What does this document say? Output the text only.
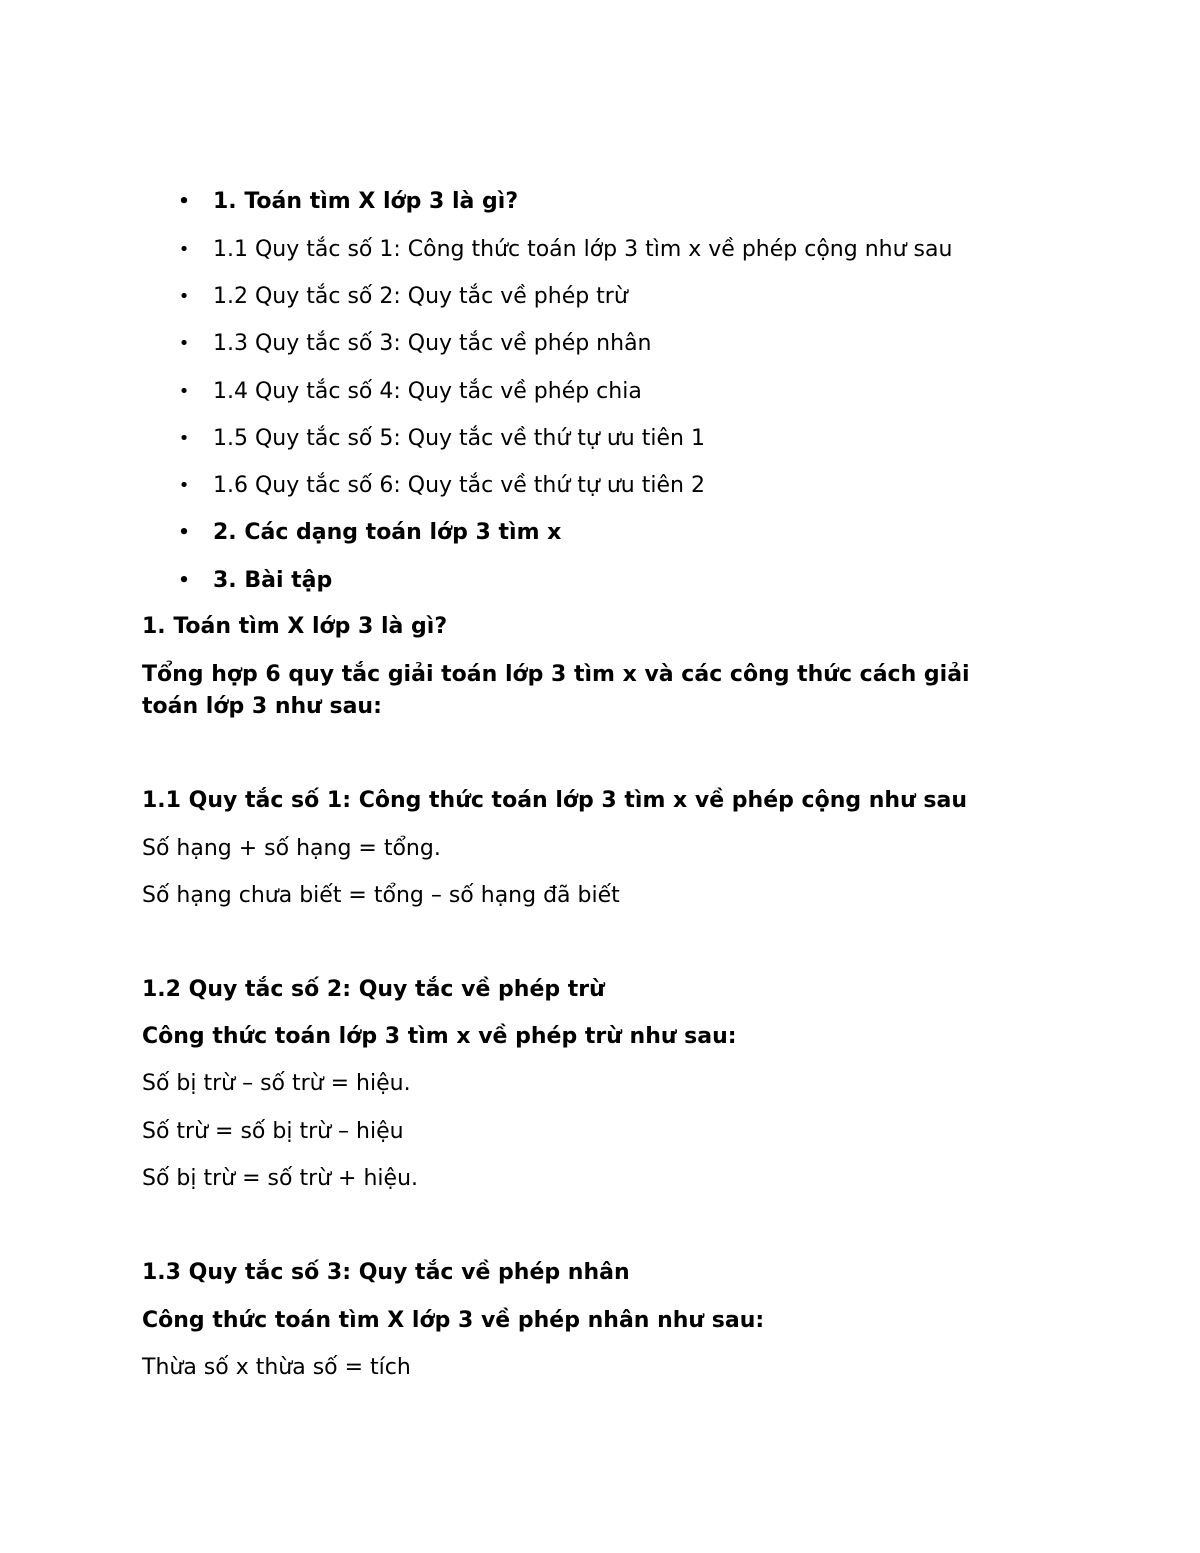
• 1. Toán tìm X lớp 3 là gì?
• 1.1 Quy tắc số 1: Công thức toán lớp 3 tìm x về phép cộng như sau
• 1.2 Quy tắc số 2: Quy tắc về phép trừ
• 1.3 Quy tắc số 3: Quy tắc về phép nhân
• 1.4 Quy tắc số 4: Quy tắc về phép chia
• 1.5 Quy tắc số 5: Quy tắc về thứ tự ưu tiên 1
• 1.6 Quy tắc số 6: Quy tắc về thứ tự ưu tiên 2
• 2. Các dạng toán lớp 3 tìm x
• 3. Bài tập
1. Toán tìm X lớp 3 là gì?
Tổng hợp 6 quy tắc giải toán lớp 3 tìm x và các công thức cách giải
toán lớp 3 như sau:
1.1 Quy tắc số 1: Công thức toán lớp 3 tìm x về phép cộng như sau
Số hạng + số hạng = tổng.
Số hạng chưa biết = tổng – số hạng đã biết
1.2 Quy tắc số 2: Quy tắc về phép trừ
Công thức toán lớp 3 tìm x về phép trừ như sau:
Số bị trừ – số trừ = hiệu.
Số trừ = số bị trừ – hiệu
Số bị trừ = số trừ + hiệu.
1.3 Quy tắc số 3: Quy tắc về phép nhân
Công thức toán tìm X lớp 3 về phép nhân như sau:
Thừa số x thừa số = tích
